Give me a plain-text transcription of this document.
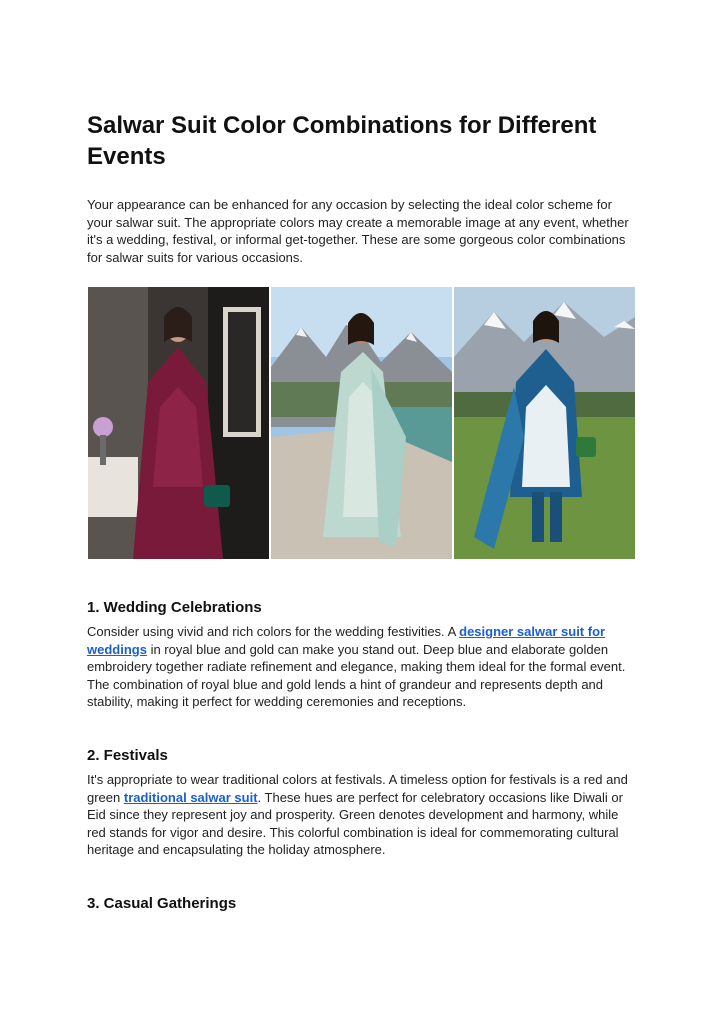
Salwar Suit Color Combinations for Different Events

Your appearance can be enhanced for any occasion by selecting the ideal color scheme for your salwar suit. The appropriate colors may create a memorable image at any event, whether it's a wedding, festival, or informal get-together. These are some gorgeous color combinations for salwar suits for various occasions.

1. Wedding Celebrations

Consider using vivid and rich colors for the wedding festivities. A designer salwar suit for weddings in royal blue and gold can make you stand out. Deep blue and elaborate golden embroidery together radiate refinement and elegance, making them ideal for the formal event. The combination of royal blue and gold lends a hint of grandeur and represents depth and stability, making it perfect for wedding ceremonies and receptions.

2. Festivals

It's appropriate to wear traditional colors at festivals. A timeless option for festivals is a red and green traditional salwar suit. These hues are perfect for celebratory occasions like Diwali or Eid since they represent joy and prosperity. Green denotes development and harmony, while red stands for vigor and desire. This colorful combination is ideal for commemorating cultural heritage and encapsulating the holiday atmosphere.

3. Casual Gatherings
